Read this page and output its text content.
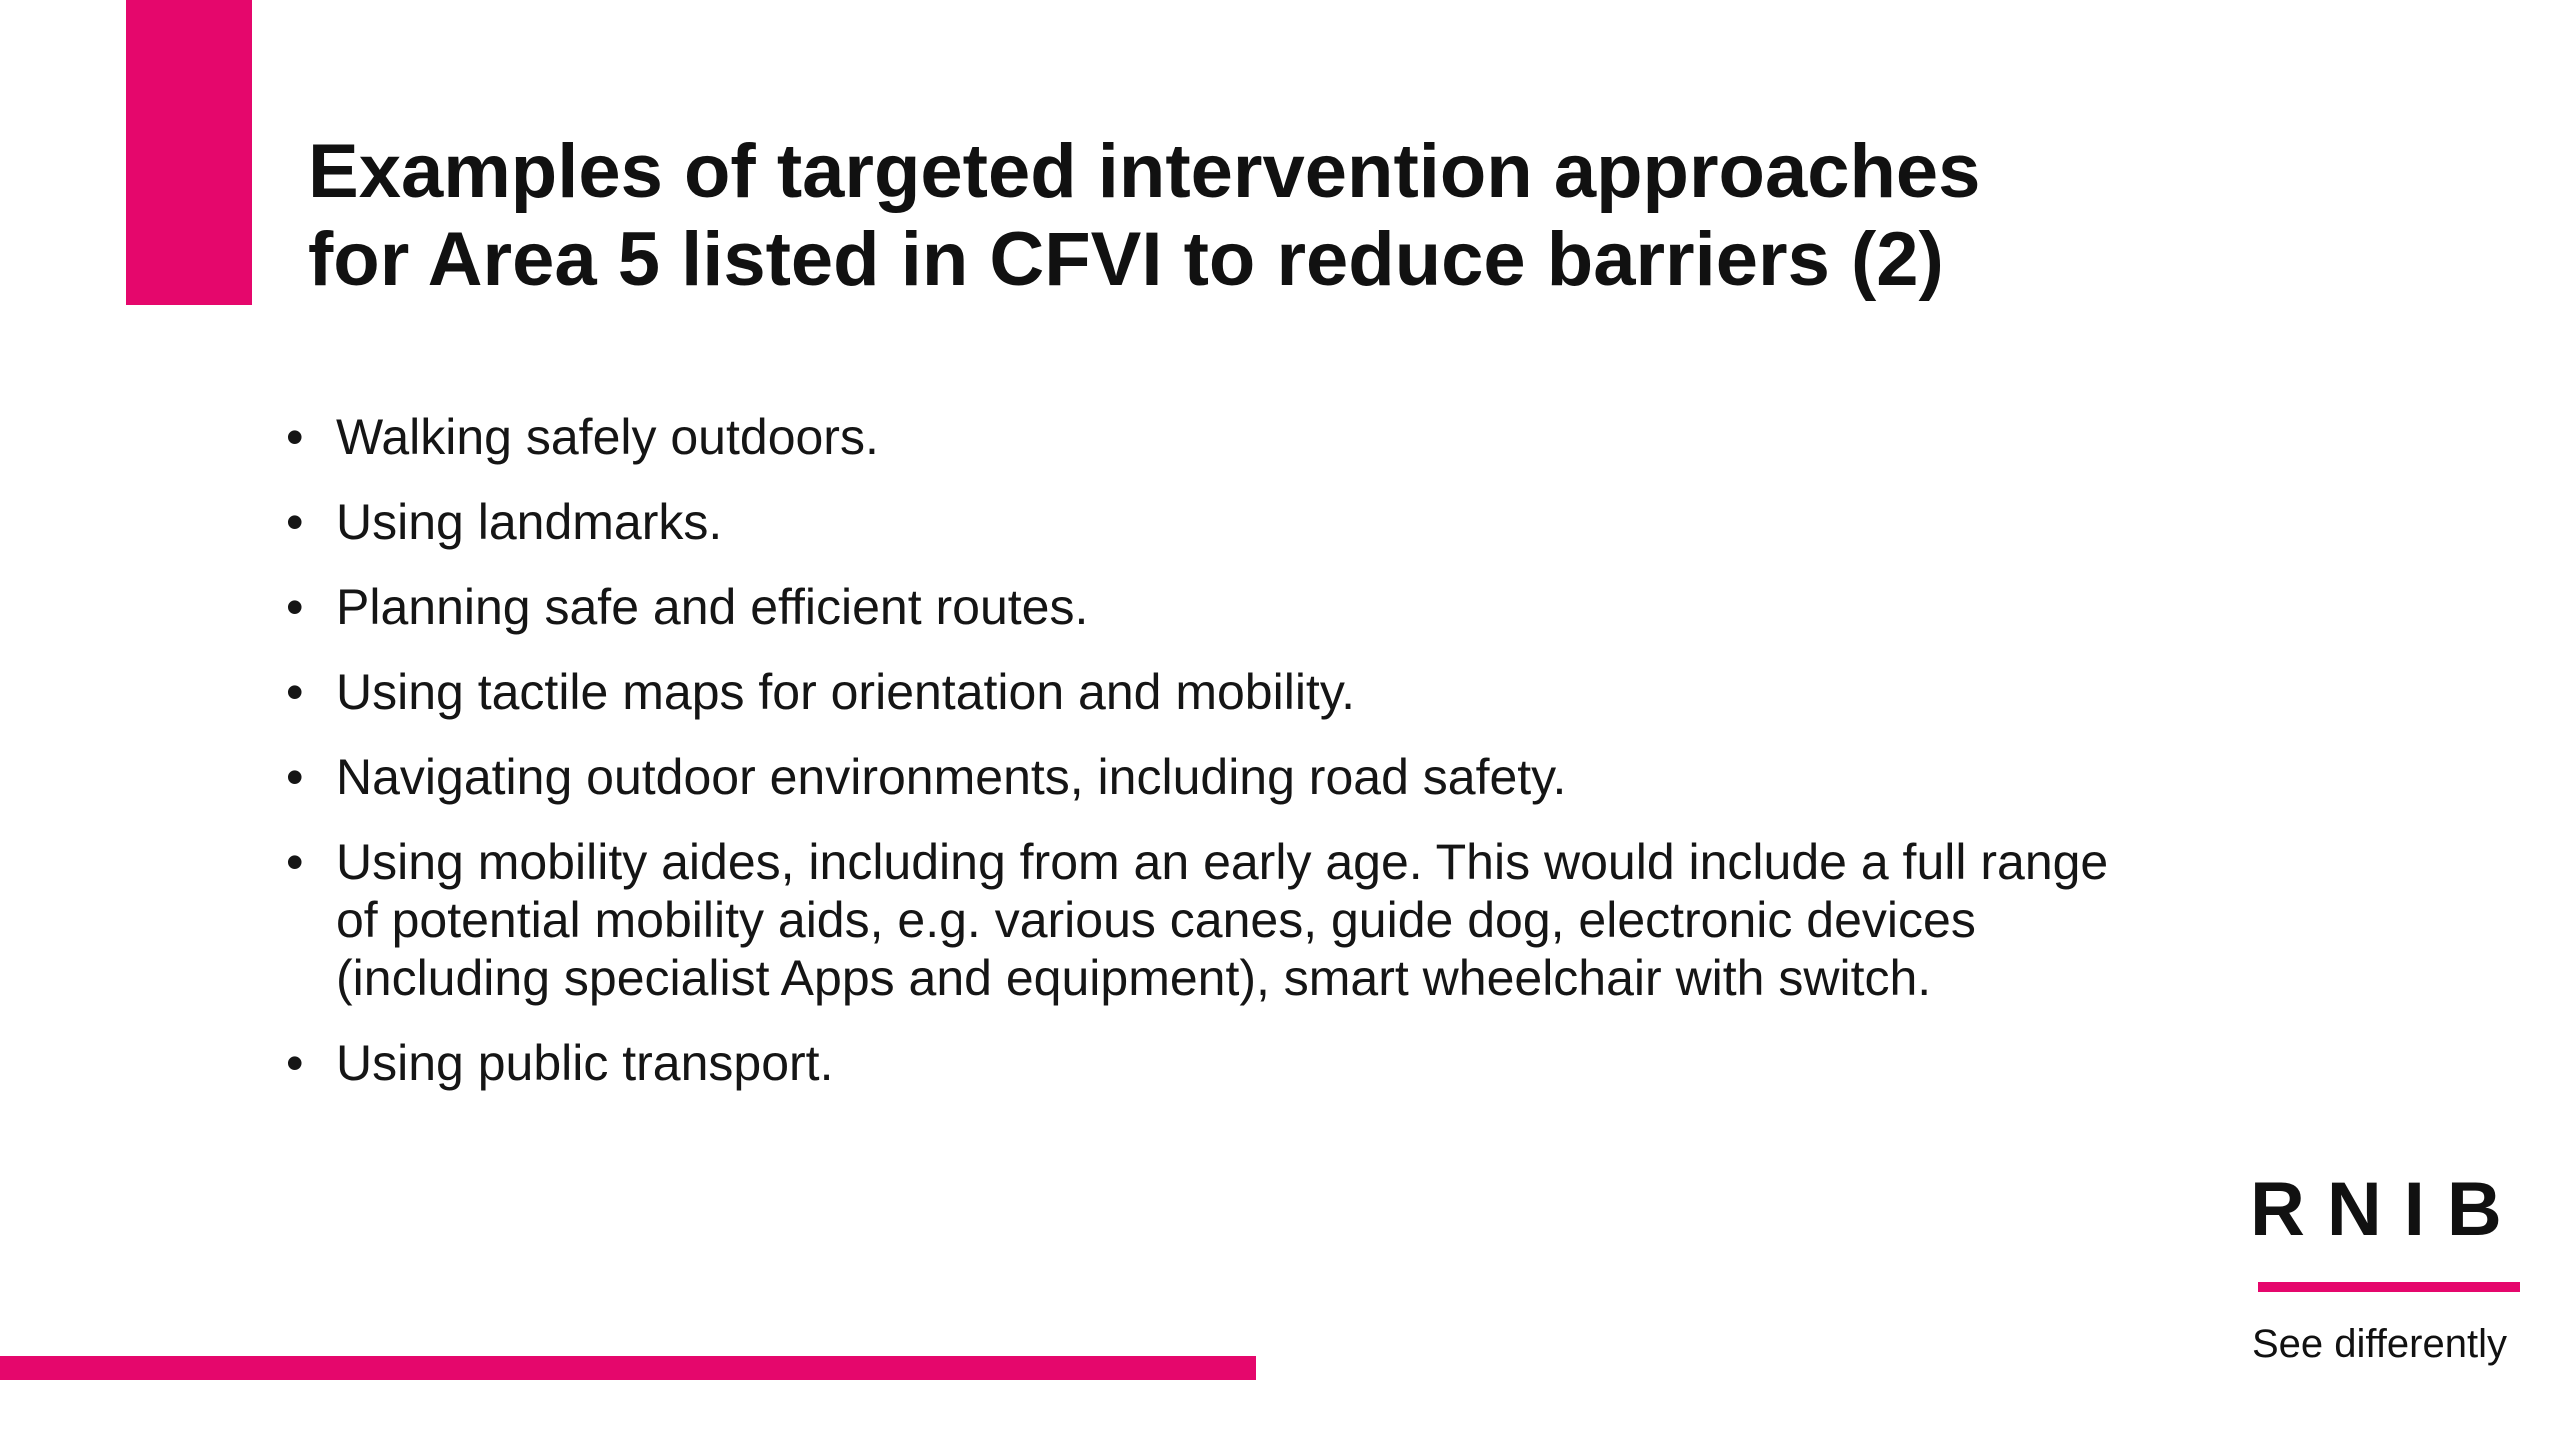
Examples of targeted intervention approaches
for Area 5 listed in CFVI to reduce barriers (2)
• Walking safely outdoors.
• Using landmarks.
• Planning safe and efficient routes.
• Using tactile maps for orientation and mobility.
• Navigating outdoor environments, including road safety.
• Using mobility aides, including from an early age. This would include a full range of potential mobility aids, e.g. various canes, guide dog, electronic devices (including specialist Apps and equipment), smart wheelchair with switch.
• Using public transport.
RNIB
See differently
